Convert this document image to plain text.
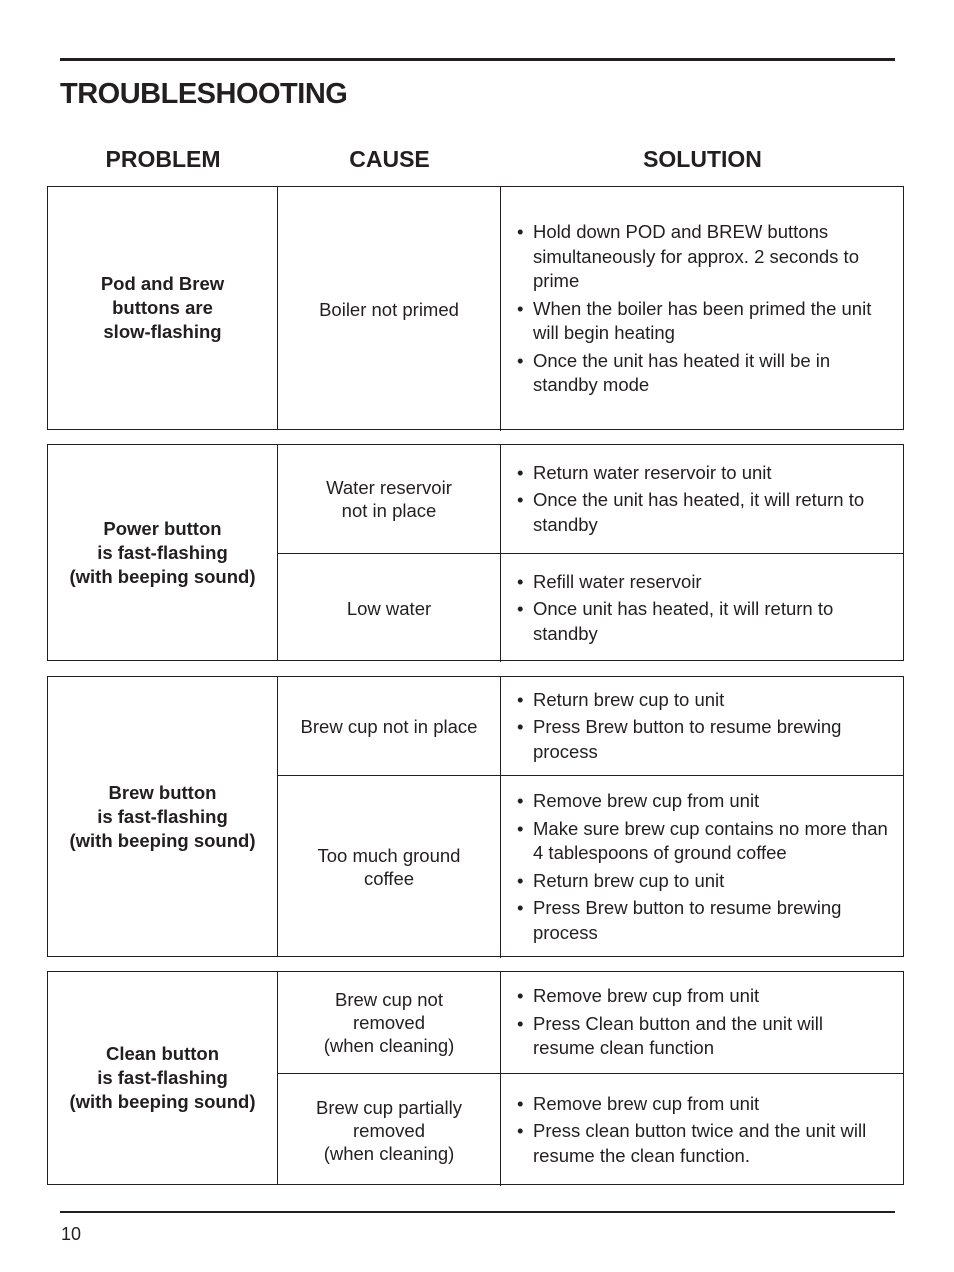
TROUBLESHOOTING
PROBLEM	CAUSE	SOLUTION
Pod and Brew
buttons are
slow-flashing
Boiler not primed
• Hold down POD and BREW buttons simultaneously for approx. 2 seconds to prime
• When the boiler has been primed the unit will begin heating
• Once the unit has heated it will be in standby mode
Power button
is fast-flashing
(with beeping sound)
Water reservoir
not in place
• Return water reservoir to unit
• Once the unit has heated, it will return to standby
Low water
• Refill water reservoir
• Once unit has heated, it will return to standby
Brew button
is fast-flashing
(with beeping sound)
Brew cup not in place
• Return brew cup to unit
• Press Brew button to resume brewing process
Too much ground
coffee
• Remove brew cup from unit
• Make sure brew cup contains no more than 4 tablespoons of ground coffee
• Return brew cup to unit
• Press Brew button to resume brewing process
Clean button
is fast-flashing
(with beeping sound)
Brew cup not
removed
(when cleaning)
• Remove brew cup from unit
• Press Clean button and the unit will resume clean function
Brew cup partially
removed
(when cleaning)
• Remove brew cup from unit
• Press clean button twice and the unit will resume the clean function.
10
